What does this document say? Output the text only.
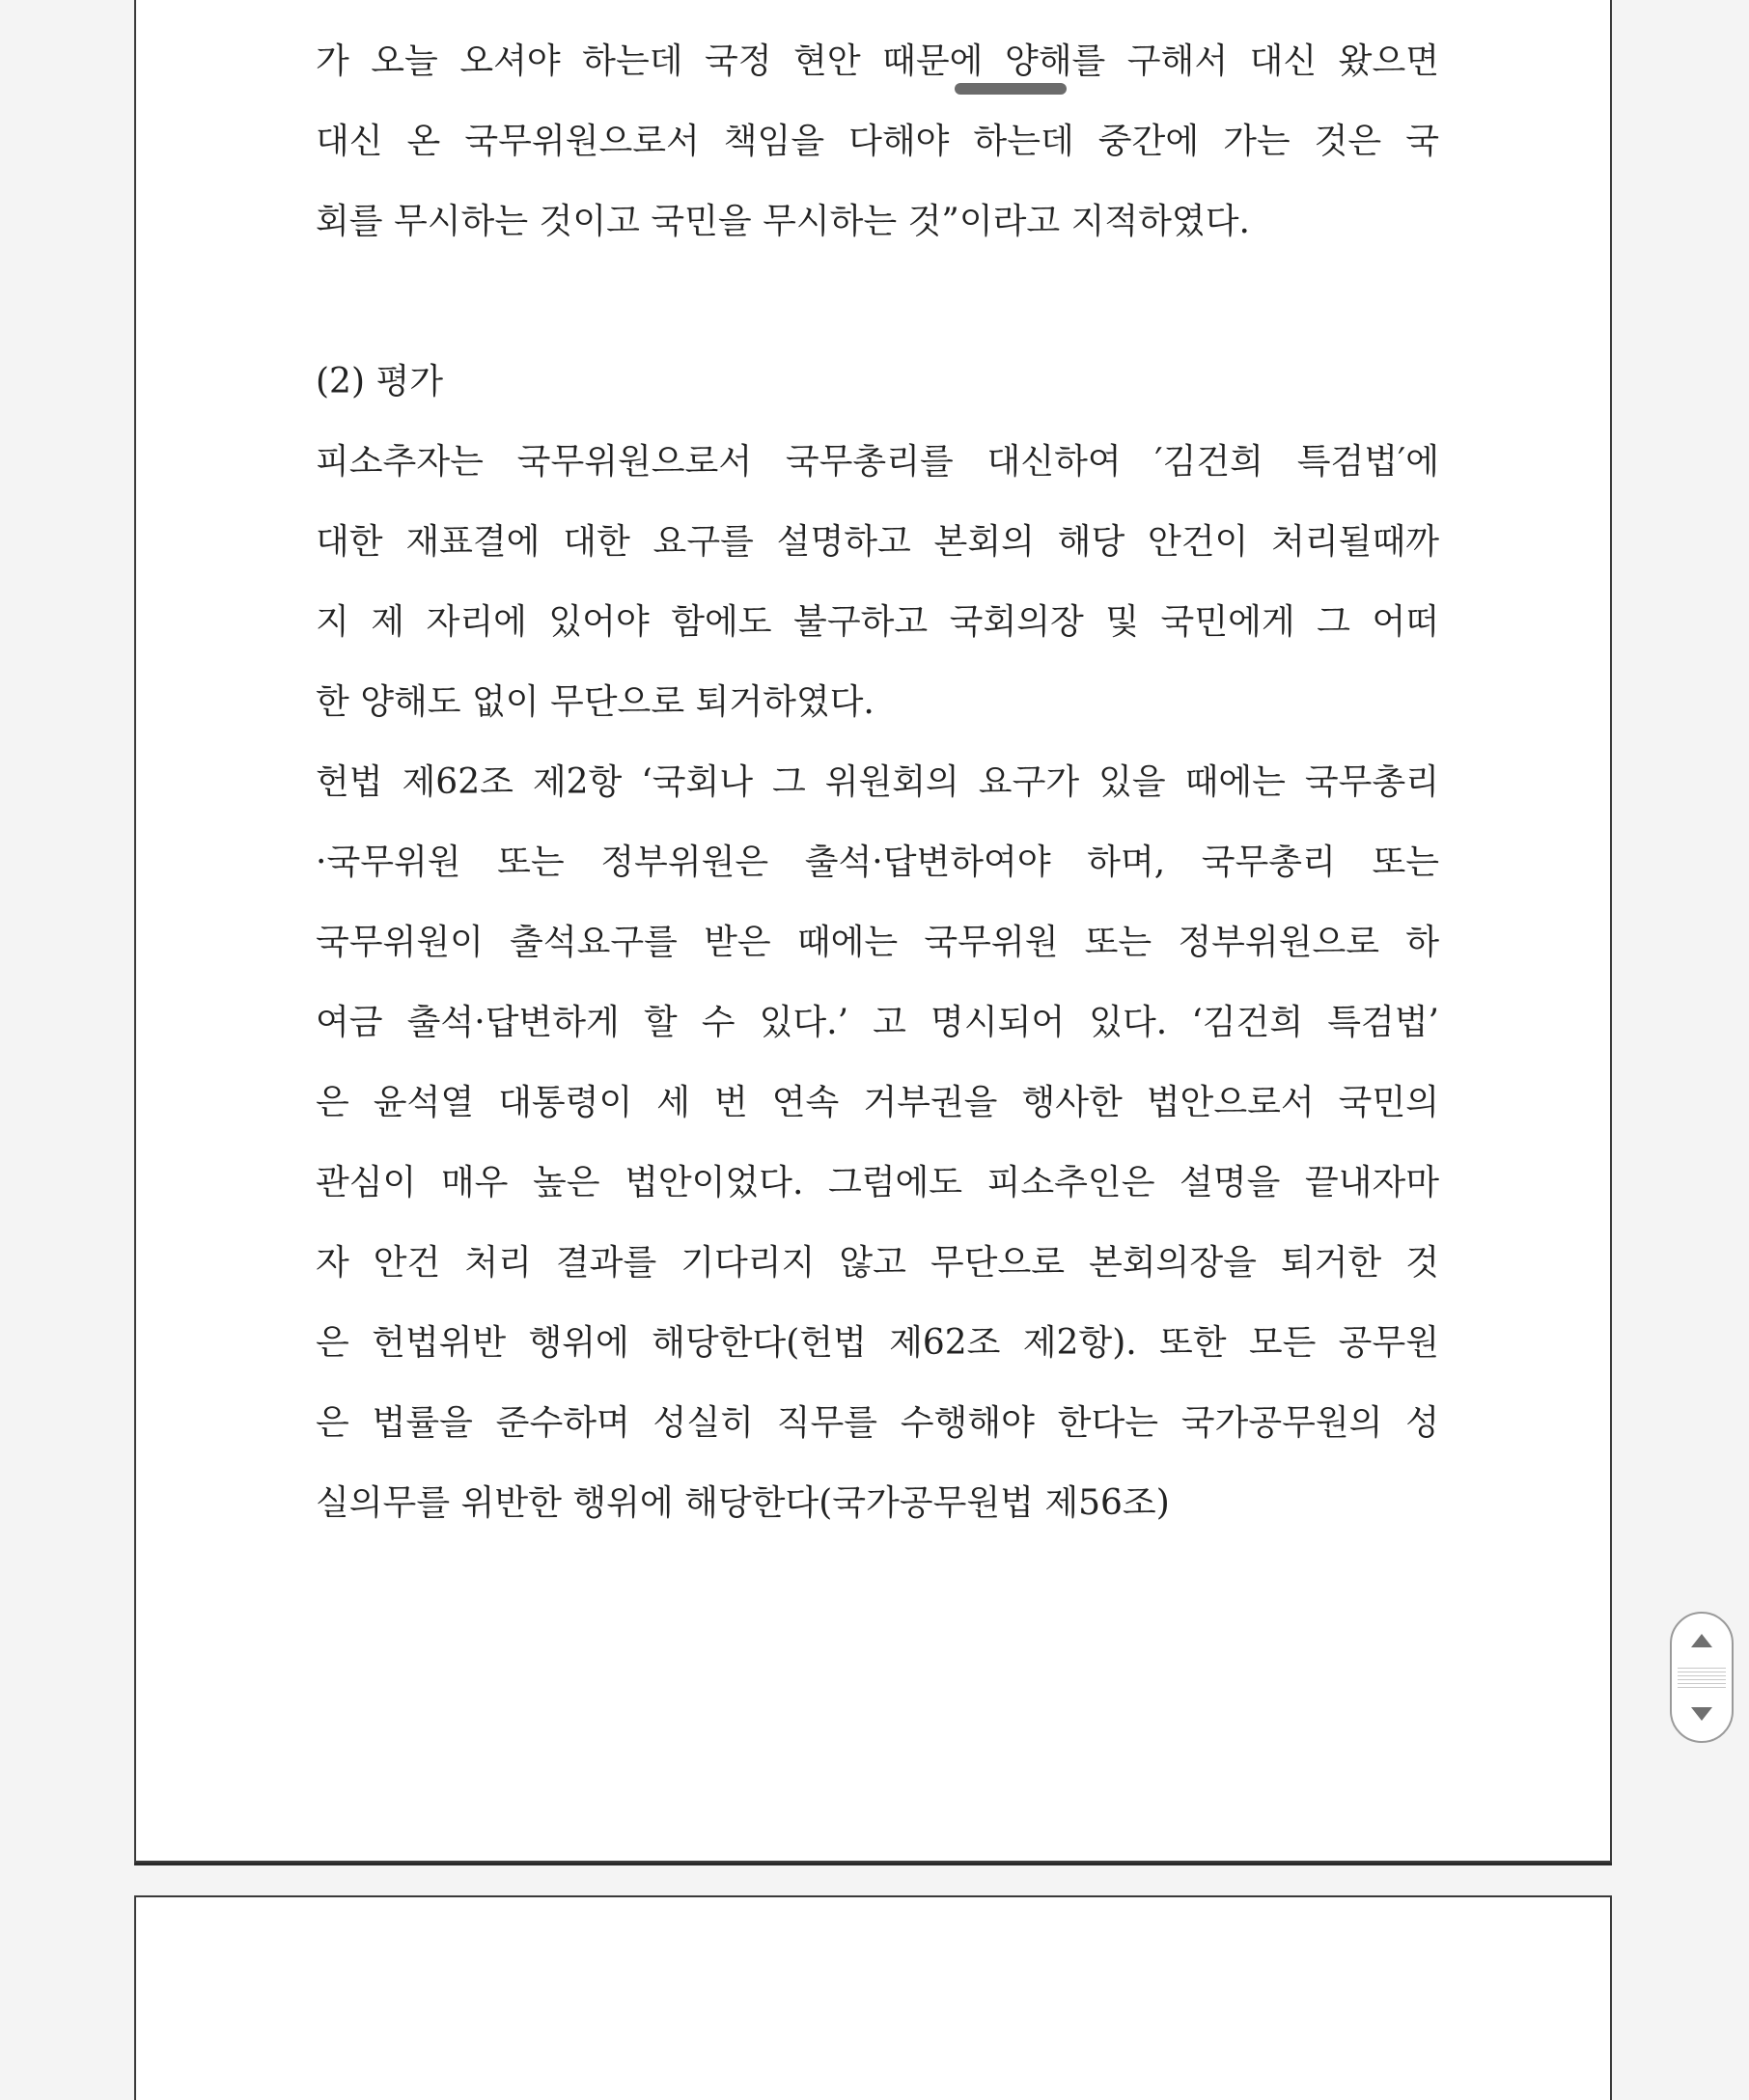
가 오늘 오셔야 하는데 국정 현안 때문에 양해를 구해서 대신 왔으면
대신 온 국무위원으로서 책임을 다해야 하는데 중간에 가는 것은 국
회를 무시하는 것이고 국민을 무시하는 것”이라고 지적하였다.
(2) 평가
피소추자는 국무위원으로서 국무총리를 대신하여 ′김건희 특검법′에
대한 재표결에 대한 요구를 설명하고 본회의 해당 안건이 처리될때까
지 제 자리에 있어야 함에도 불구하고 국회의장 및 국민에게 그 어떠
한 양해도 없이 무단으로 퇴거하였다.
헌법 제62조 제2항 ‘국회나 그 위원회의 요구가 있을 때에는 국무총리
·국무위원 또는 정부위원은 출석·답변하여야 하며, 국무총리 또는
국무위원이 출석요구를 받은 때에는 국무위원 또는 정부위원으로 하
여금 출석·답변하게 할 수 있다.’ 고 명시되어 있다. ‘김건희 특검법’
은 윤석열 대통령이 세 번 연속 거부권을 행사한 법안으로서 국민의
관심이 매우 높은 법안이었다. 그럼에도 피소추인은 설명을 끝내자마
자 안건 처리 결과를 기다리지 않고 무단으로 본회의장을 퇴거한 것
은 헌법위반 행위에 해당한다(헌법 제62조 제2항). 또한 모든 공무원
은 법률을 준수하며 성실히 직무를 수행해야 한다는 국가공무원의 성
실의무를 위반한 행위에 해당한다(국가공무원법 제56조)
